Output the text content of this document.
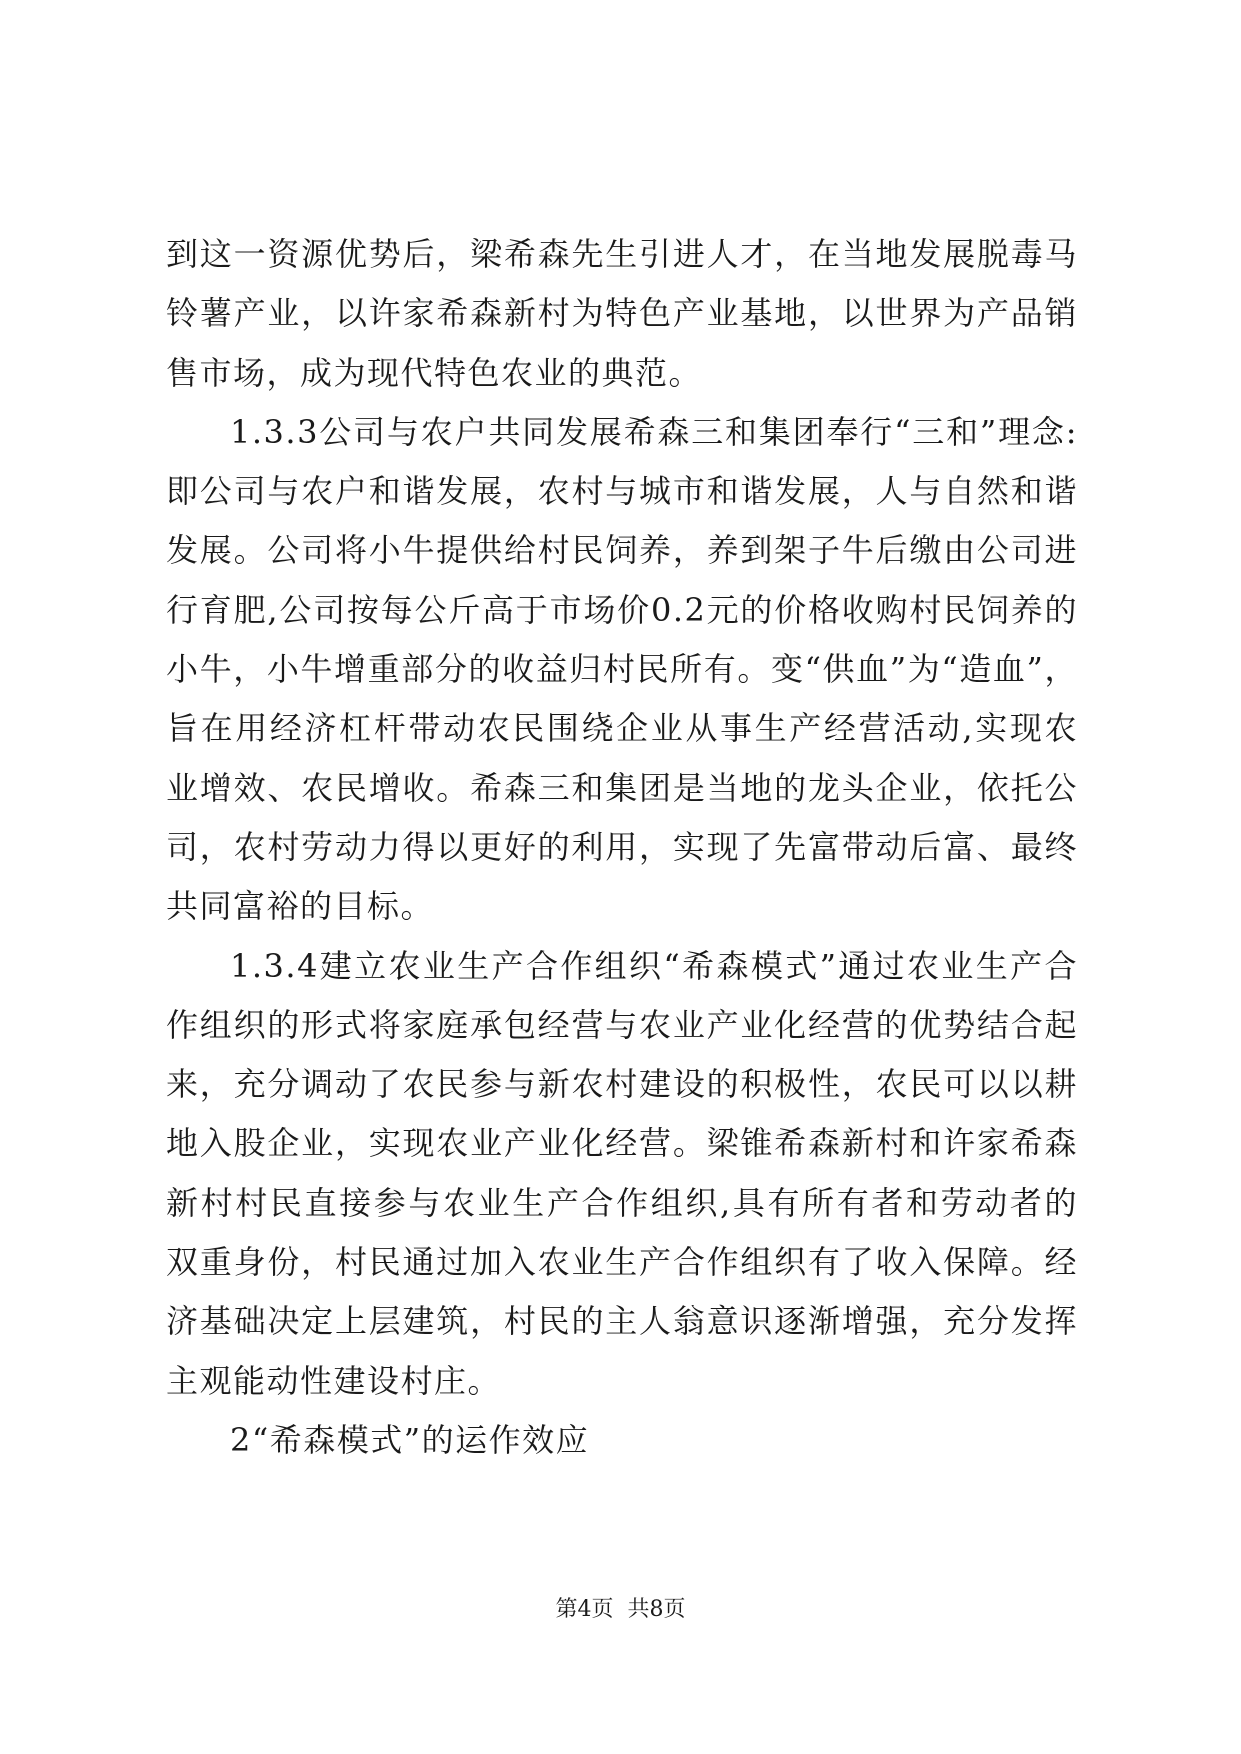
到这一资源优势后，梁希森先生引进人才，在当地发展脱毒马铃薯产业，以许家希森新村为特色产业基地，以世界为产品销售市场，成为现代特色农业的典范。

1.3.3公司与农户共同发展希森三和集团奉行“三和”理念:即公司与农户和谐发展，农村与城市和谐发展，人与自然和谐发展。公司将小牛提供给村民饲养，养到架子牛后缴由公司进行育肥,公司按每公斤高于市场价0.2元的价格收购村民饲养的小牛，小牛增重部分的收益归村民所有。变“供血”为“造血”，旨在用经济杠杆带动农民围绕企业从事生产经营活动,实现农业增效、农民增收。希森三和集团是当地的龙头企业，依托公司，农村劳动力得以更好的利用，实现了先富带动后富、最终共同富裕的目标。

1.3.4建立农业生产合作组织“希森模式”通过农业生产合作组织的形式将家庭承包经营与农业产业化经营的优势结合起来，充分调动了农民参与新农村建设的积极性，农民可以以耕地入股企业，实现农业产业化经营。梁锥希森新村和许家希森新村村民直接参与农业生产合作组织,具有所有者和劳动者的双重身份，村民通过加入农业生产合作组织有了收入保障。经济基础决定上层建筑，村民的主人翁意识逐渐增强，充分发挥主观能动性建设村庄。

2“希森模式”的运作效应

第4页  共8页
